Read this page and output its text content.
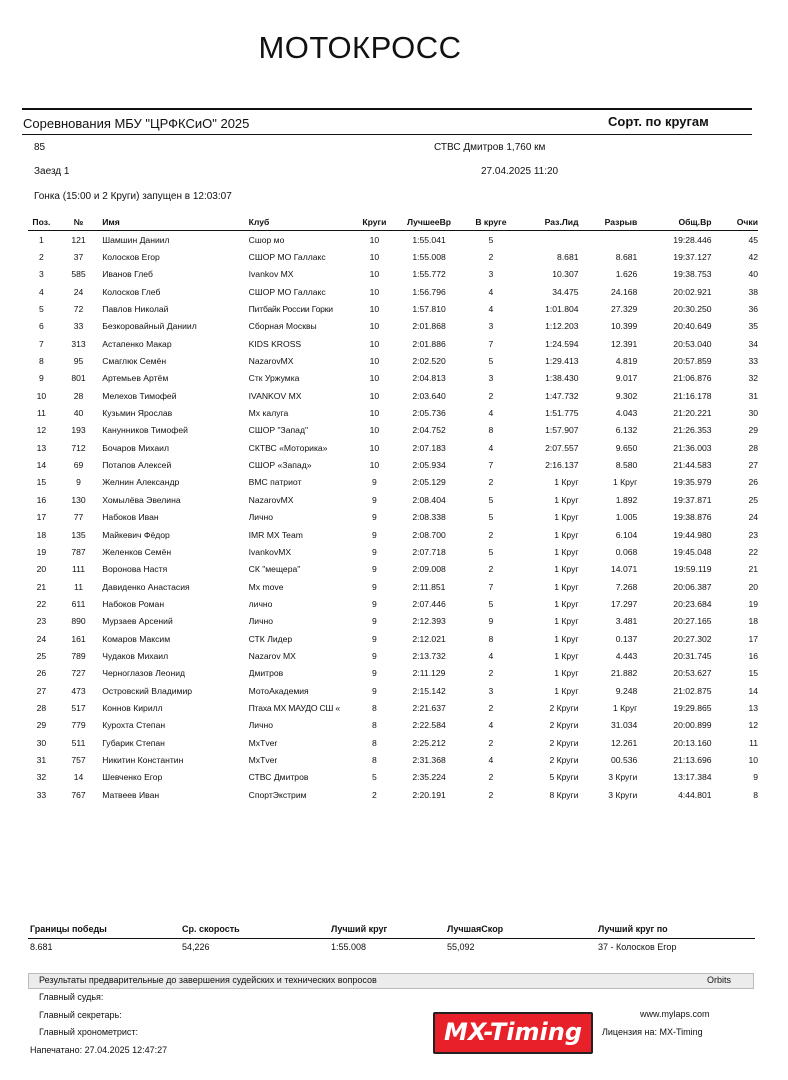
МОТОКРОСС
Соревнования МБУ "ЦРФКСиО" 2025	Сорт. по кругам
85	СТВС Дмитров 1,760 км
Заезд 1	27.04.2025 11:20
Гонка (15:00 и 2 Круги) запущен в 12:03:07
Поз.	№	Имя	Клуб	Круги	ЛучшееВр	В круге	Раз.Лид	Разрыв	Общ.Вр	Очки
1	121	Шамшин Даниил	Сшор мо	10	1:55.041	5			19:28.446	45
2	37	Колосков Егор	СШОР МО Галлакс	10	1:55.008	2	8.681	8.681	19:37.127	42
3	585	Иванов Глеб	Ivankov MX	10	1:55.772	3	10.307	1.626	19:38.753	40
4	24	Колосков Глеб	СШОР МО Галлакс	10	1:56.796	4	34.475	24.168	20:02.921	38
5	72	Павлов Николай	Питбайк России Горки	10	1:57.810	4	1:01.804	27.329	20:30.250	36
6	33	Безкоровайный Даниил	Сборная Москвы	10	2:01.868	3	1:12.203	10.399	20:40.649	35
7	313	Астапенко Макар	KIDS KROSS	10	2:01.886	7	1:24.594	12.391	20:53.040	34
8	95	Смаглюк Семён	NazarovMX	10	2:02.520	5	1:29.413	4.819	20:57.859	33
9	801	Артемьев Артём	Стк Уржумка	10	2:04.813	3	1:38.430	9.017	21:06.876	32
10	28	Мелехов Тимофей	IVANKOV MX	10	2:03.640	2	1:47.732	9.302	21:16.178	31
11	40	Кузьмин Ярослав	Мх калуга	10	2:05.736	4	1:51.775	4.043	21:20.221	30
12	193	Канунников Тимофей	СШОР "Запад"	10	2:04.752	8	1:57.907	6.132	21:26.353	29
13	712	Бочаров Михаил	СКТВС «Моторика»	10	2:07.183	4	2:07.557	9.650	21:36.003	28
14	69	Потапов Алексей	СШОР «Запад»	10	2:05.934	7	2:16.137	8.580	21:44.583	27
15	9	Желнин Александр	BMC патриот	9	2:05.129	2	1 Круг	1 Круг	19:35.979	26
16	130	Хомылёва Эвелина	NazarovMX	9	2:08.404	5	1 Круг	1.892	19:37.871	25
17	77	Набоков Иван	Лично	9	2:08.338	5	1 Круг	1.005	19:38.876	24
18	135	Майкевич Фёдор	IMR MX Team	9	2:08.700	2	1 Круг	6.104	19:44.980	23
19	787	Желенков Семён	IvankovMX	9	2:07.718	5	1 Круг	0.068	19:45.048	22
20	111	Воронова Настя	СК "мещера"	9	2:09.008	2	1 Круг	14.071	19:59.119	21
21	11	Давиденко Анастасия	Mx move	9	2:11.851	7	1 Круг	7.268	20:06.387	20
22	611	Набоков Роман	лично	9	2:07.446	5	1 Круг	17.297	20:23.684	19
23	890	Мурзаев Арсений	Лично	9	2:12.393	9	1 Круг	3.481	20:27.165	18
24	161	Комаров Максим	СТК Лидер	9	2:12.021	8	1 Круг	0.137	20:27.302	17
25	789	Чудаков Михаил	Nazarov MX	9	2:13.732	4	1 Круг	4.443	20:31.745	16
26	727	Черноглазов Леонид	Дмитров	9	2:11.129	2	1 Круг	21.882	20:53.627	15
27	473	Островский Владимир	МотоАкадемия	9	2:15.142	3	1 Круг	9.248	21:02.875	14
28	517	Коннов Кирилл	Птаха МХ МАУДО СШ «	8	2:21.637	2	2 Круги	1 Круг	19:29.865	13
29	779	Курохта Степан	Лично	8	2:22.584	4	2 Круги	31.034	20:00.899	12
30	511	Губарик Степан	MxTver	8	2:25.212	2	2 Круги	12.261	20:13.160	11
31	757	Никитин Константин	MxTver	8	2:31.368	4	2 Круги	00.536	21:13.696	10
32	14	Шевченко Егор	СТВС Дмитров	5	2:35.224	2	5 Круги	3 Круги	13:17.384	9
33	767	Матвеев Иван	СпортЭкстрим	2	2:20.191	2	8 Круги	3 Круги	4:44.801	8
Границы победы	Ср. скорость	Лучший круг	ЛучшаяСкор	Лучший круг по
8.681	54,226	1:55.008	55,092	37 - Колосков Егор
Результаты предварительные до завершения судейских и технических вопросов	Orbits
Главный судья:
Главный секретарь:
Главный хронометрист:
Напечатано: 27.04.2025 12:47:27
MX-Timing
www.mylaps.com
Лицензия на: MX-Timing
